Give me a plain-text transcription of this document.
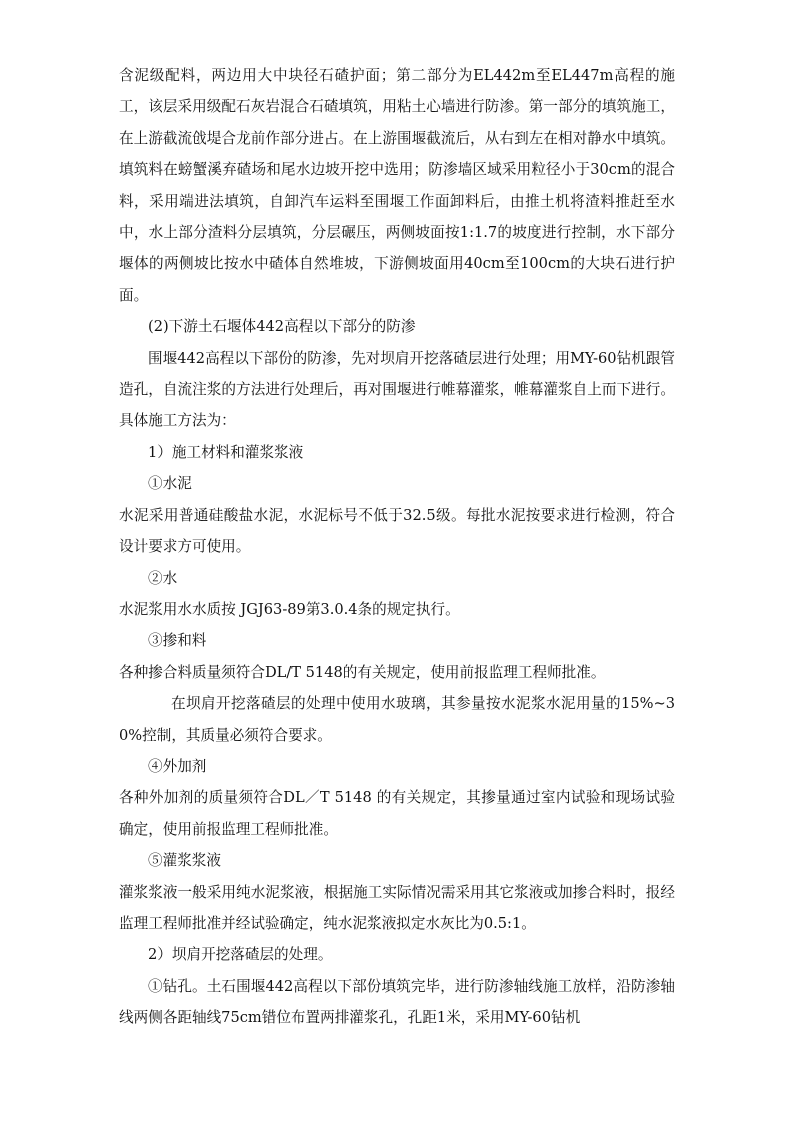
含泥级配料，两边用大中块径石碴护面；第二部分为EL442m至EL447m高程的施工，该层采用级配石灰岩混合石碴填筑，用粘土心墙进行防渗。第一部分的填筑施工，在上游截流戗堤合龙前作部分进占。在上游围堰截流后，从右到左在相对静水中填筑。填筑料在螃蟹溪弃碴场和尾水边坡开挖中选用；防渗墙区域采用粒径小于30cm的混合料，采用端进法填筑，自卸汽车运料至围堰工作面卸料后，由推土机将渣料推赶至水中，水上部分渣料分层填筑，分层碾压，两侧坡面按1:1.7的坡度进行控制，水下部分堰体的两侧坡比按水中碴体自然堆坡，下游侧坡面用40cm至100cm的大块石进行护面。

(2)下游土石堰体442高程以下部分的防渗

围堰442高程以下部份的防渗，先对坝肩开挖落碴层进行处理；用MY-60钻机跟管造孔，自流注浆的方法进行处理后，再对围堰进行帷幕灌浆，帷幕灌浆自上而下进行。具体施工方法为：

1）施工材料和灌浆浆液

①水泥

水泥采用普通硅酸盐水泥，水泥标号不低于32.5级。每批水泥按要求进行检测，符合设计要求方可使用。

②水

水泥浆用水水质按 JGJ63-89第3.0.4条的规定执行。

③掺和料

各种掺合料质量须符合DL/T 5148的有关规定，使用前报监理工程师批准。

在坝肩开挖落碴层的处理中使用水玻璃，其参量按水泥浆水泥用量的15%~30%控制，其质量必须符合要求。

④外加剂

各种外加剂的质量须符合DL／T 5148 的有关规定，其掺量通过室内试验和现场试验确定，使用前报监理工程师批准。

⑤灌浆浆液

灌浆浆液一般采用纯水泥浆液，根据施工实际情况需采用其它浆液或加掺合料时，报经监理工程师批准并经试验确定，纯水泥浆液拟定水灰比为0.5:1。

2）坝肩开挖落碴层的处理。

①钻孔。土石围堰442高程以下部份填筑完毕，进行防渗轴线施工放样，沿防渗轴线两侧各距轴线75cm错位布置两排灌浆孔，孔距1米，采用MY-60钻机
